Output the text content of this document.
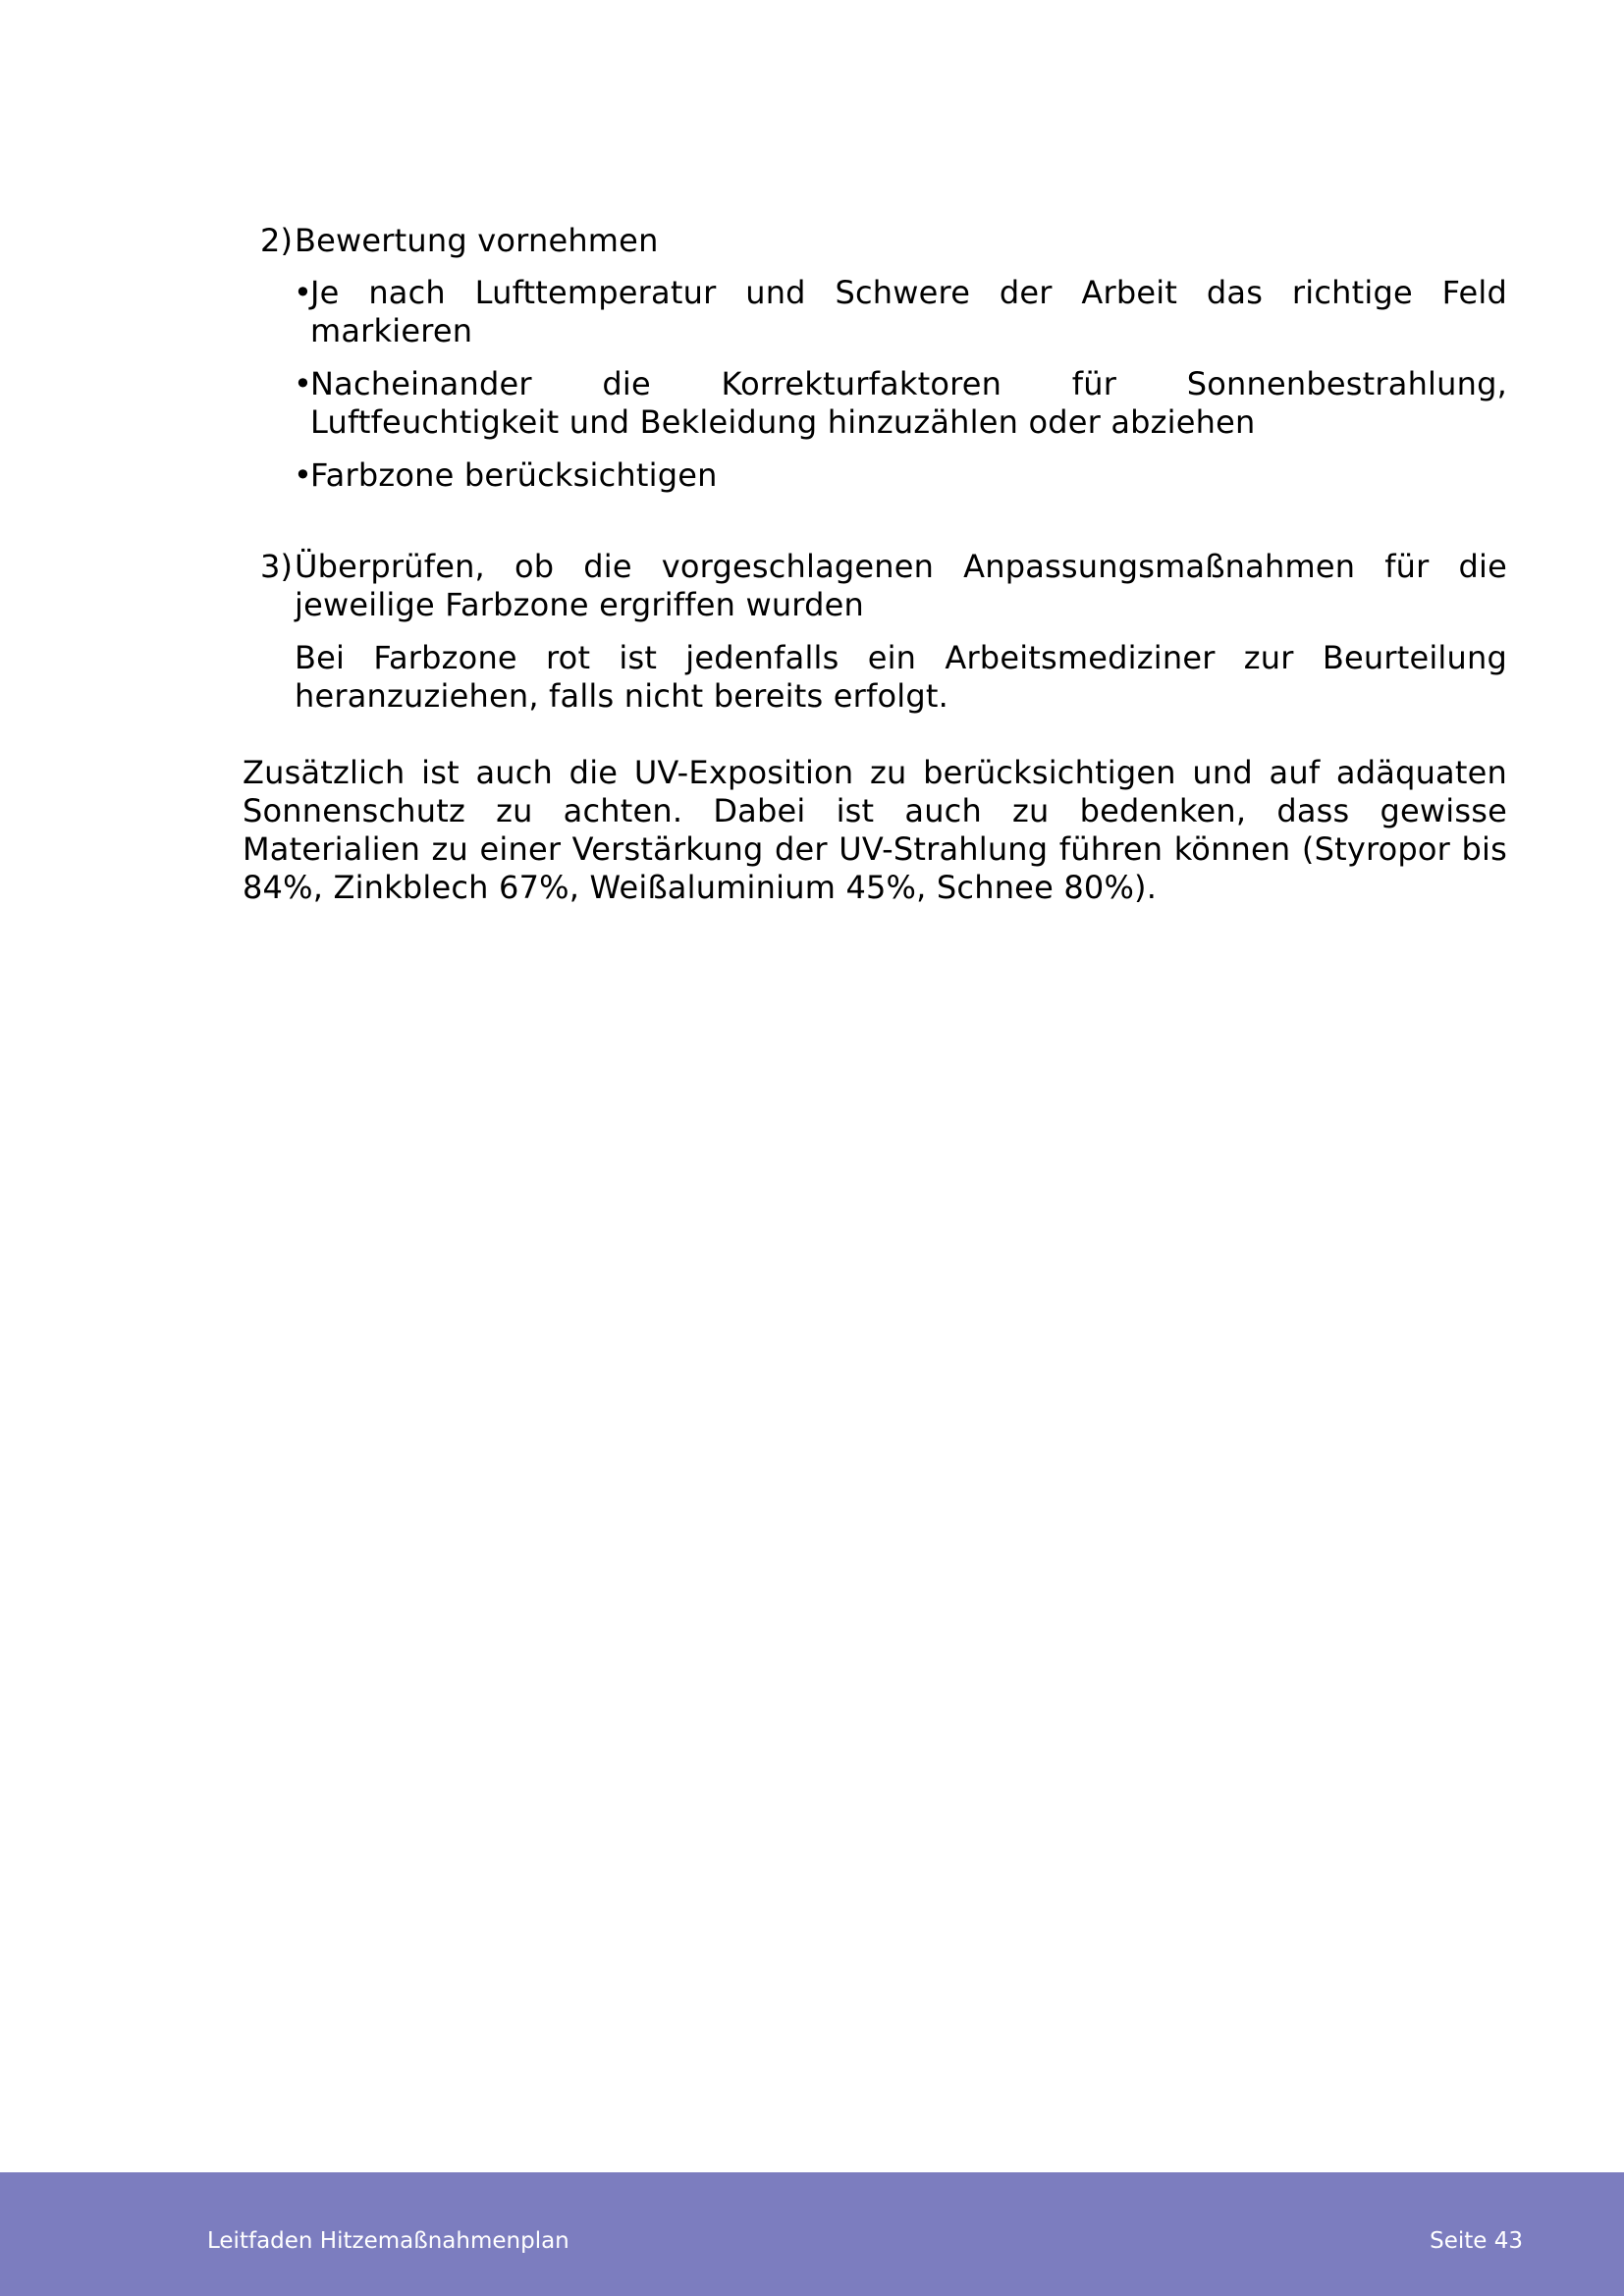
2) Bewertung vornehmen
•
Je nach Lufttemperatur und Schwere der Arbeit das richtige Feld markieren
•
Nacheinander die Korrekturfaktoren für Sonnenbestrahlung, Luftfeuchtigkeit und Bekleidung hinzuzählen oder abziehen
•
Farbzone berücksichtigen
3) Überprüfen, ob die vorgeschlagenen Anpassungsmaßnahmen für die jeweilige Farbzone ergriffen wurden
Bei Farbzone rot ist jedenfalls ein Arbeitsmediziner zur Beurteilung heranzuziehen, falls nicht bereits erfolgt.
Zusätzlich ist auch die UV-Exposition zu berücksichtigen und auf adäquaten Sonnenschutz zu achten. Dabei ist auch zu bedenken, dass gewisse Materialien zu einer Verstärkung der UV-Strahlung führen können (Styropor bis 84%, Zinkblech 67%, Weißaluminium 45%, Schnee 80%).
Leitfaden Hitzemaßnahmenplan	Seite 43
